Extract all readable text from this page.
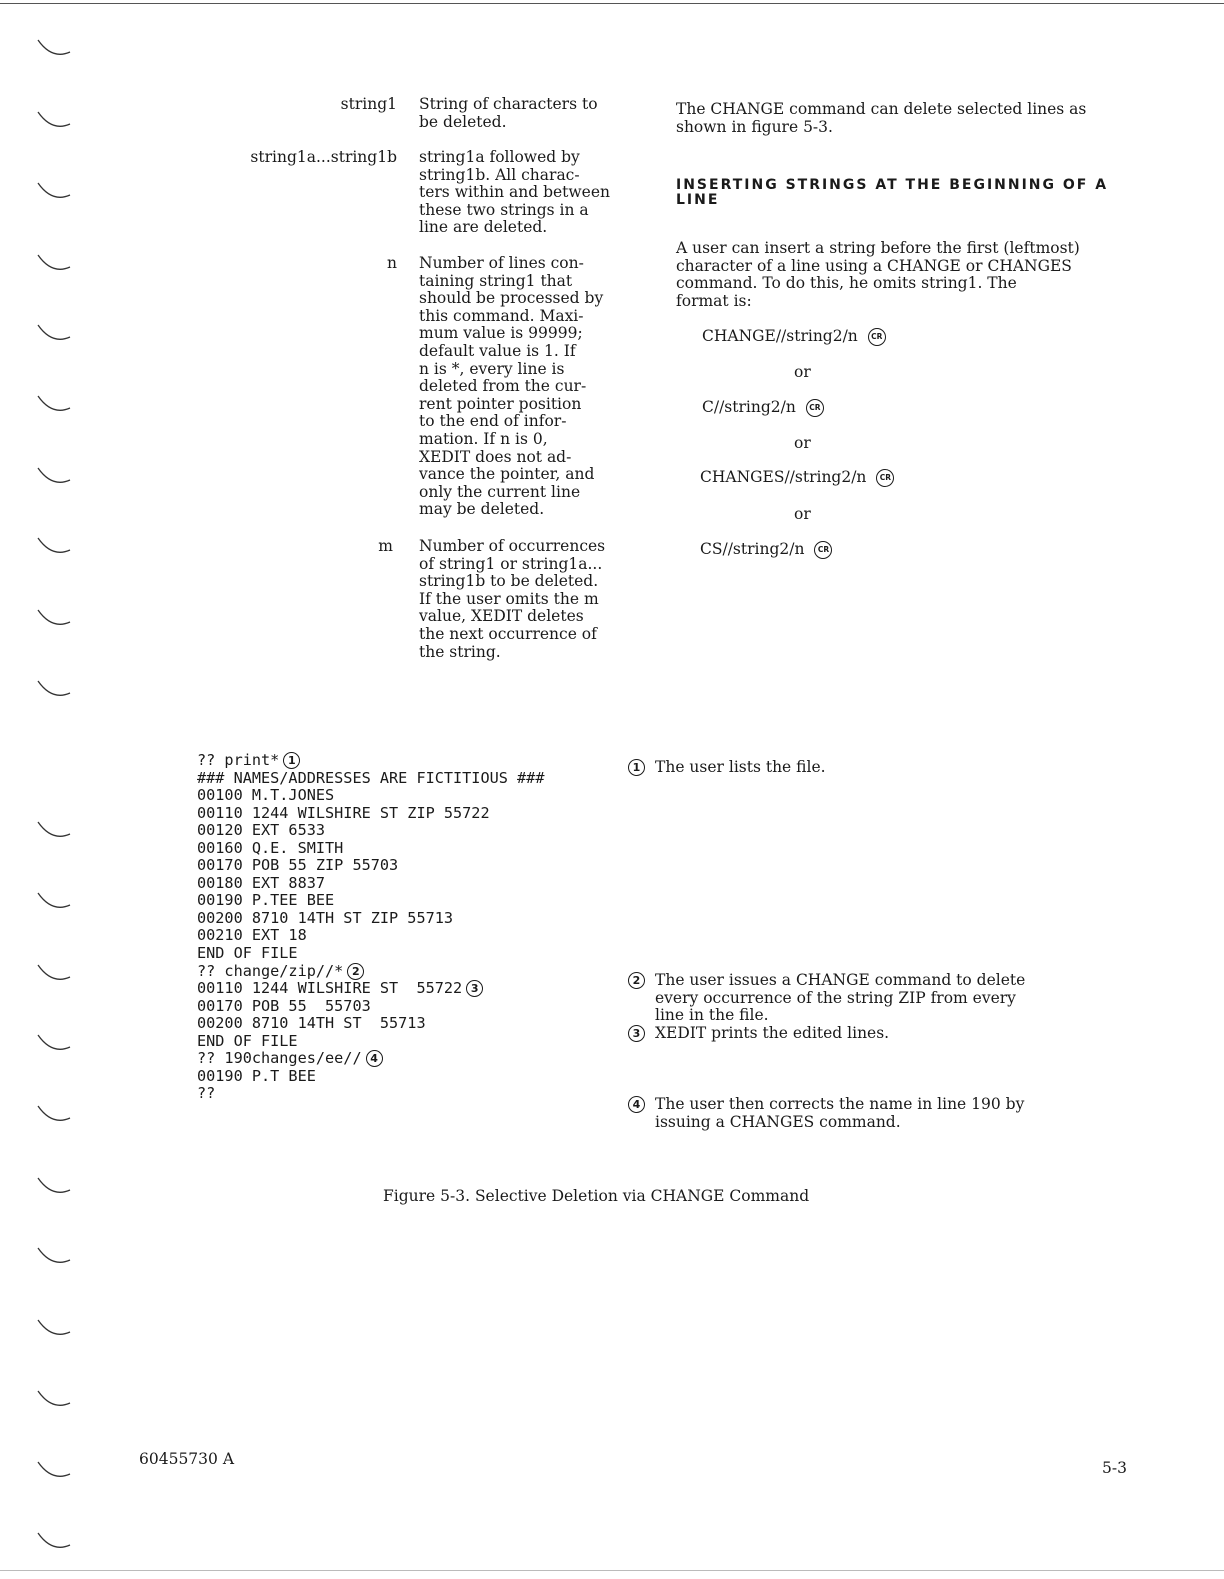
string1 String of characters to
be deleted.
string1a...string1b string1a followed by
string1b. All charac-
ters within and between
these two strings in a
line are deleted.
n Number of lines con-
taining string1 that
should be processed by
this command. Maxi-
mum value is 99999;
default value is 1. If
n is *, every line is
deleted from the cur-
rent pointer position
to the end of infor-
mation. If n is 0,
XEDIT does not ad-
vance the pointer, and
only the current line
may be deleted.
m Number of occurrences
of string1 or string1a...
string1b to be deleted.
If the user omits the m
value, XEDIT deletes
the next occurrence of
the string.
The CHANGE command can delete selected lines as
shown in figure 5-3.
INSERTING STRINGS AT THE BEGINNING OF A
LINE
A user can insert a string before the first (leftmost)
character of a line using a CHANGE or CHANGES
command. To do this, he omits string1. The
format is:
CHANGE//string2/n CR
or
C//string2/n CR
or
CHANGES//string2/n CR
or
CS//string2/n CR
?? print* 1
### NAMES/ADDRESSES ARE FICTITIOUS ###
00100 M.T.JONES
00110 1244 WILSHIRE ST ZIP 55722
00120 EXT 6533
00160 Q.E. SMITH
00170 POB 55 ZIP 55703
00180 EXT 8837
00190 P.TEE BEE
00200 8710 14TH ST ZIP 55713
00210 EXT 18
END OF FILE
?? change/zip//* 2
00110 1244 WILSHIRE ST  55722 3
00170 POB 55  55703
00200 8710 14TH ST  55713
END OF FILE
?? 190changes/ee// 4
00190 P.T BEE
??
1 The user lists the file.
2 The user issues a CHANGE command to delete
every occurrence of the string ZIP from every
line in the file.
3 XEDIT prints the edited lines.
4 The user then corrects the name in line 190 by
issuing a CHANGES command.
Figure 5-3. Selective Deletion via CHANGE Command
60455730 A	5-3
